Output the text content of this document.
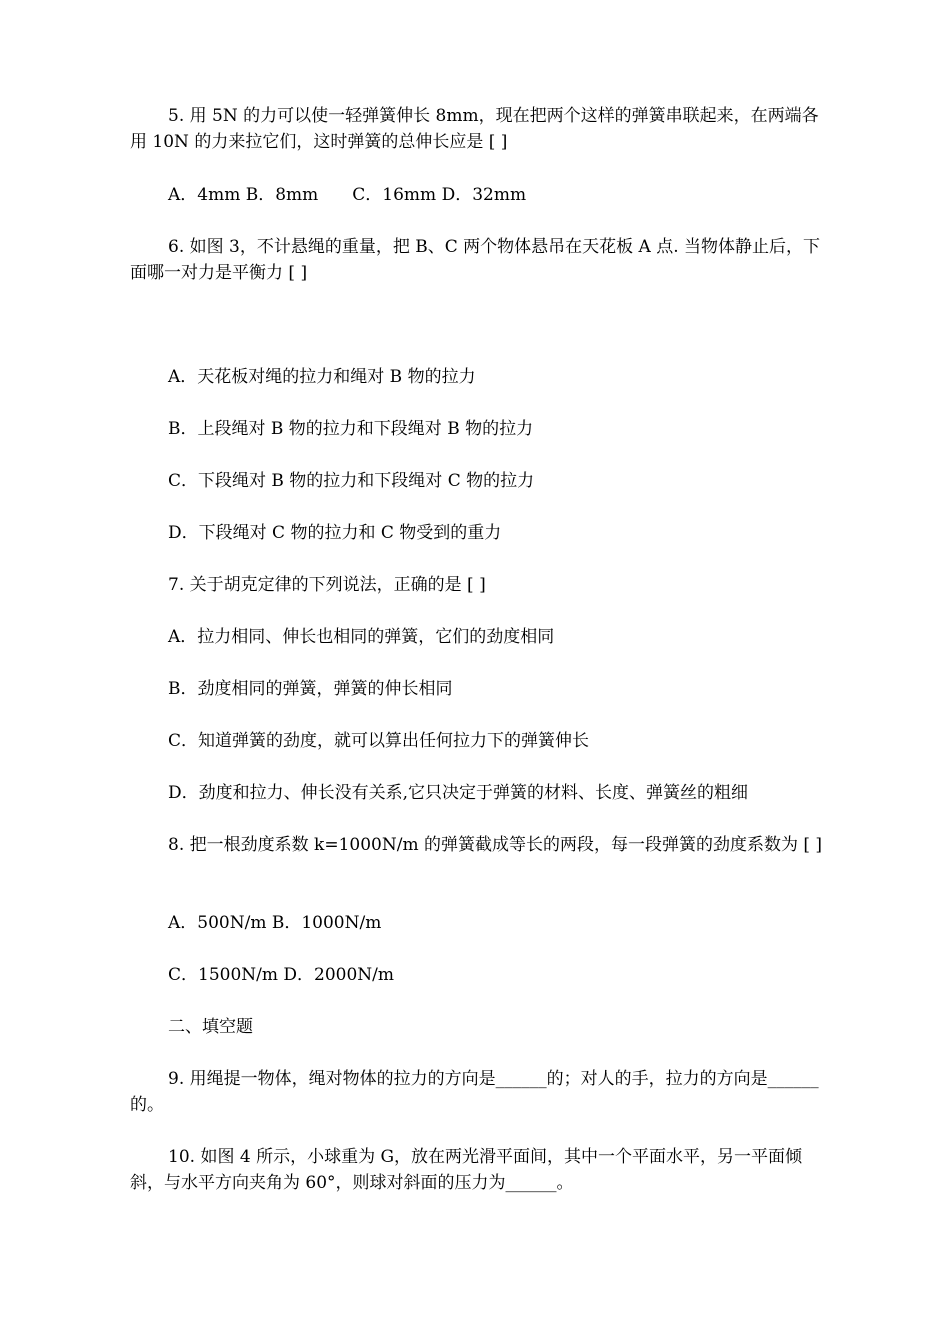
5. 用 5N 的力可以使一轻弹簧伸长 8mm，现在把两个这样的弹簧串联起来，在两端各用 10N 的力来拉它们，这时弹簧的总伸长应是 [ ]

A．4mm B．8mm　　C．16mm D．32mm

6. 如图 3，不计悬绳的重量，把 B、C 两个物体悬吊在天花板 A 点. 当物体静止后，下面哪一对力是平衡力 [ ]

A．天花板对绳的拉力和绳对 B 物的拉力

B．上段绳对 B 物的拉力和下段绳对 B 物的拉力

C．下段绳对 B 物的拉力和下段绳对 C 物的拉力

D．下段绳对 C 物的拉力和 C 物受到的重力

7. 关于胡克定律的下列说法，正确的是 [ ]

A．拉力相同、伸长也相同的弹簧，它们的劲度相同

B．劲度相同的弹簧，弹簧的伸长相同

C．知道弹簧的劲度，就可以算出任何拉力下的弹簧伸长

D．劲度和拉力、伸长没有关系,它只决定于弹簧的材料、长度、弹簧丝的粗细

8. 把一根劲度系数 k=1000N/m 的弹簧截成等长的两段，每一段弹簧的劲度系数为 [ ]

A．500N/m B．1000N/m

C．1500N/m D．2000N/m

二、填空题

9. 用绳提一物体，绳对物体的拉力的方向是______的；对人的手，拉力的方向是______的。

10. 如图 4 所示，小球重为 G，放在两光滑平面间，其中一个平面水平，另一平面倾斜，与水平方向夹角为 60°，则球对斜面的压力为______。
